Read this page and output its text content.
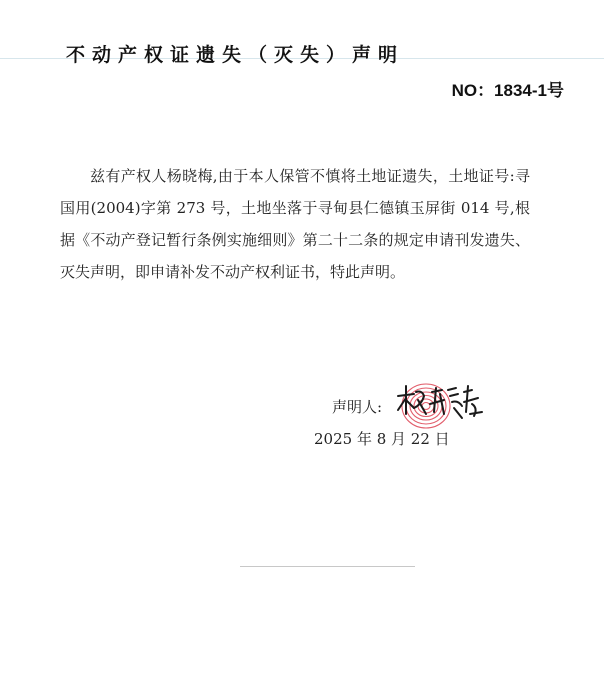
不动产权证遗失（灭失）声明
NO：1834-1号

兹有产权人杨晓梅,由于本人保管不慎将土地证遗失，土地证号:寻国用(2004)字第 273 号，土地坐落于寻甸县仁德镇玉屏街 014 号,根据《不动产登记暂行条例实施细则》第二十二条的规定申请刊发遗失、灭失声明，即申请补发不动产权利证书，特此声明。

声明人:
2025 年 8 月 22 日
